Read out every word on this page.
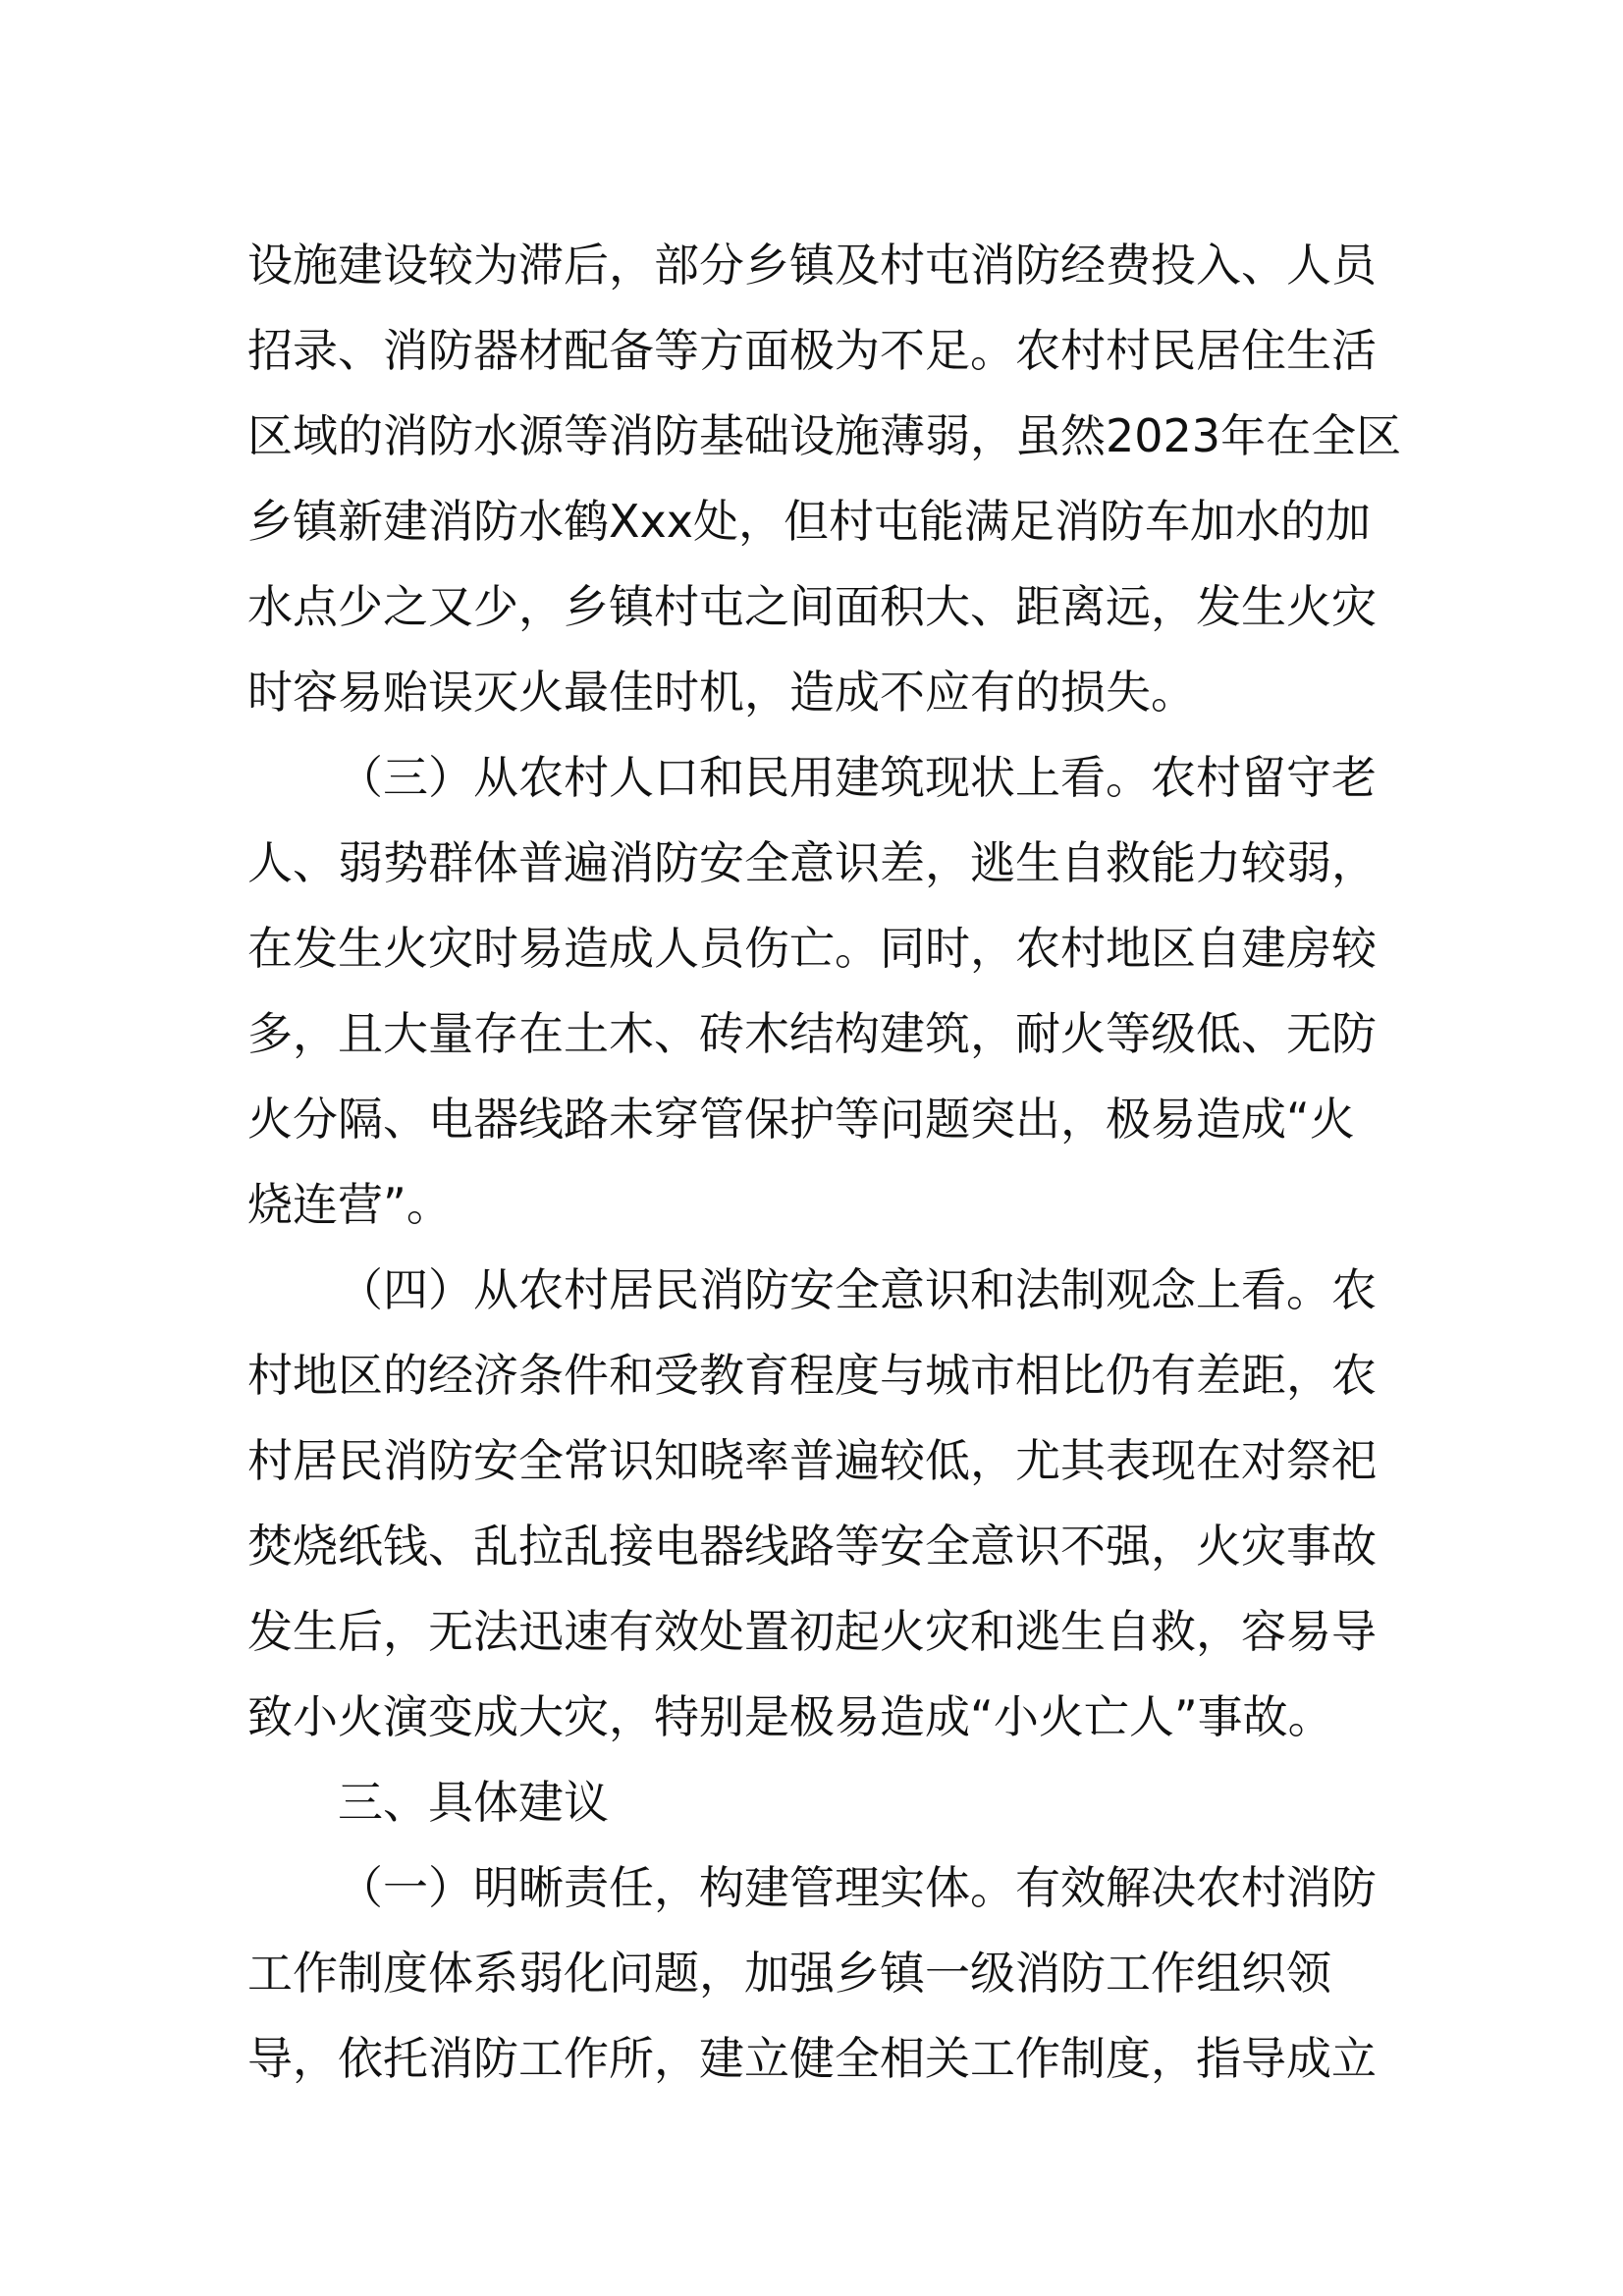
设施建设较为滞后，部分乡镇及村屯消防经费投入、人员
招录、消防器材配备等方面极为不足。农村村民居住生活
区域的消防水源等消防基础设施薄弱，虽然2023年在全区
乡镇新建消防水鹤Xxx处，但村屯能满足消防车加水的加
水点少之又少，乡镇村屯之间面积大、距离远，发生火灾
时容易贻误灭火最佳时机，造成不应有的损失。
（三）从农村人口和民用建筑现状上看。农村留守老
人、弱势群体普遍消防安全意识差，逃生自救能力较弱，
在发生火灾时易造成人员伤亡。同时，农村地区自建房较
多，且大量存在土木、砖木结构建筑，耐火等级低、无防
火分隔、电器线路未穿管保护等问题突出，极易造成“火
烧连营”。
（四）从农村居民消防安全意识和法制观念上看。农
村地区的经济条件和受教育程度与城市相比仍有差距，农
村居民消防安全常识知晓率普遍较低，尤其表现在对祭祀
焚烧纸钱、乱拉乱接电器线路等安全意识不强，火灾事故
发生后，无法迅速有效处置初起火灾和逃生自救，容易导
致小火演变成大灾，特别是极易造成“小火亡人”事故。
三、具体建议
（一）明晰责任，构建管理实体。有效解决农村消防
工作制度体系弱化问题，加强乡镇一级消防工作组织领
导，依托消防工作所，建立健全相关工作制度，指导成立
